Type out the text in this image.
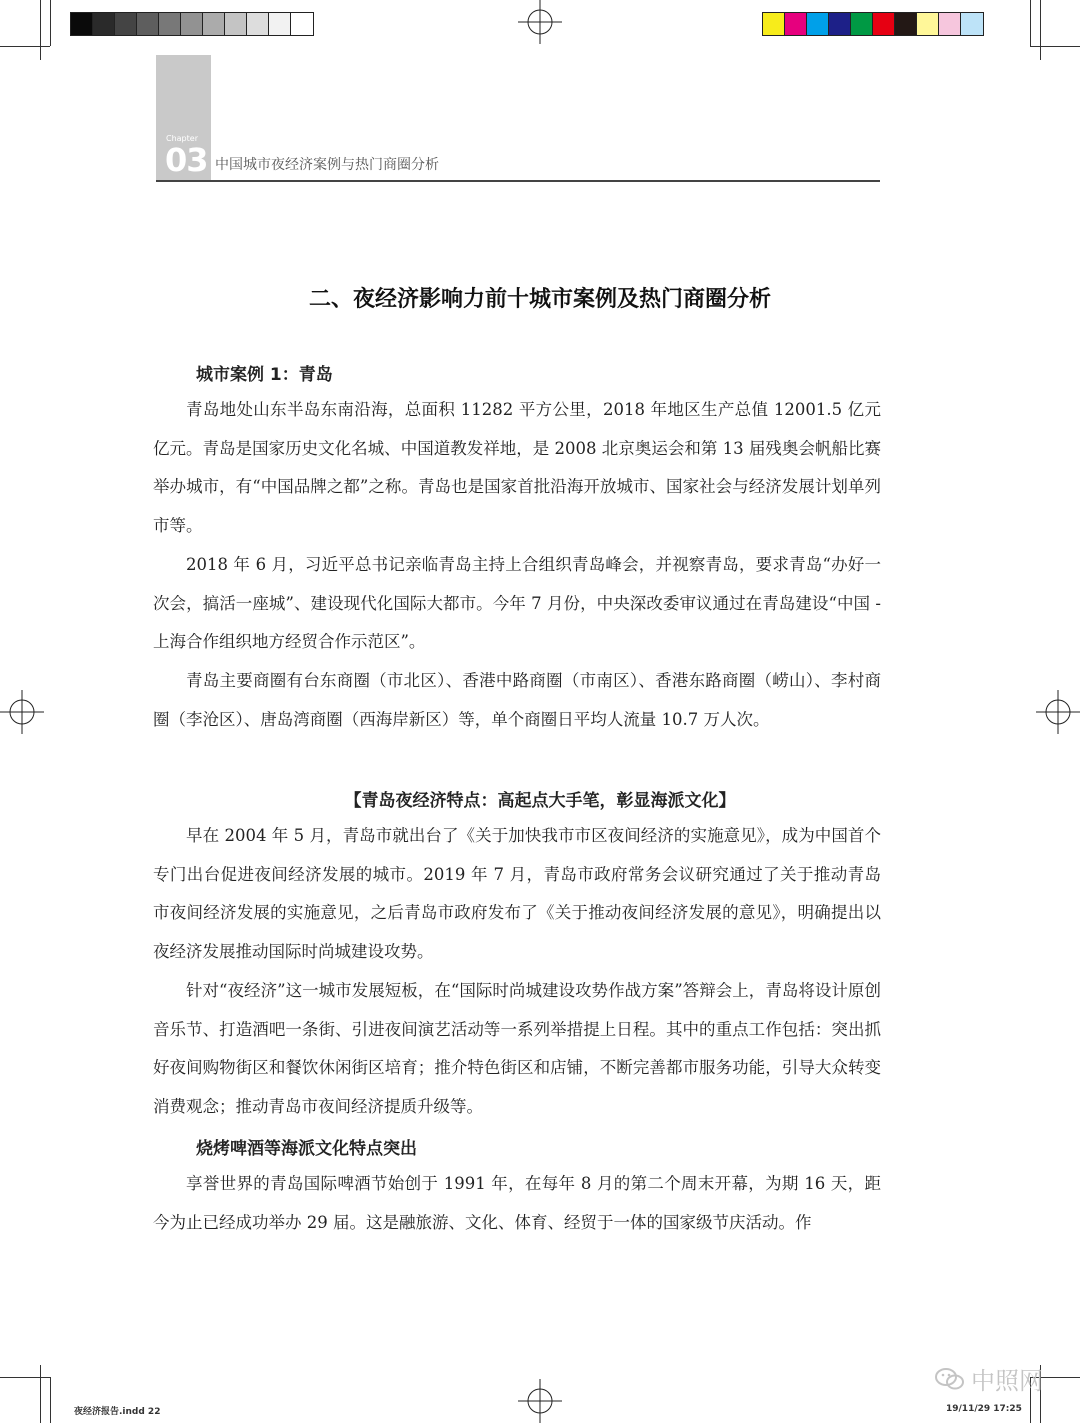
Chapter
03 中国城市夜经济案例与热门商圈分析
二、夜经济影响力前十城市案例及热门商圈分析
城市案例 1：青岛
青岛地处山东半岛东南沿海，总面积 11282 平方公里，2018 年地区生产总值 12001.5 亿元亿元。青岛是国家历史文化名城、中国道教发祥地，是 2008 北京奥运会和第 13 届残奥会帆船比赛举办城市，有“中国品牌之都”之称。青岛也是国家首批沿海开放城市、国家社会与经济发展计划单列市等。
2018 年 6 月，习近平总书记亲临青岛主持上合组织青岛峰会，并视察青岛，要求青岛“办好一次会，搞活一座城”、建设现代化国际大都市。今年 7 月份，中央深改委审议通过在青岛建设“中国 - 上海合作组织地方经贸合作示范区”。
青岛主要商圈有台东商圈（市北区）、香港中路商圈（市南区）、香港东路商圈（崂山）、李村商圈（李沧区）、唐岛湾商圈（西海岸新区）等，单个商圈日平均人流量 10.7 万人次。
【青岛夜经济特点：高起点大手笔，彰显海派文化】
早在 2004 年 5 月，青岛市就出台了《关于加快我市市区夜间经济的实施意见》，成为中国首个专门出台促进夜间经济发展的城市。2019 年 7 月，青岛市政府常务会议研究通过了关于推动青岛市夜间经济发展的实施意见，之后青岛市政府发布了《关于推动夜间经济发展的意见》，明确提出以夜经济发展推动国际时尚城建设攻势。
针对“夜经济”这一城市发展短板，在“国际时尚城建设攻势作战方案”答辩会上，青岛将设计原创音乐节、打造酒吧一条街、引进夜间演艺活动等一系列举措提上日程。其中的重点工作包括：突出抓好夜间购物街区和餐饮休闲街区培育；推介特色街区和店铺，不断完善都市服务功能，引导大众转变消费观念；推动青岛市夜间经济提质升级等。
烧烤啤酒等海派文化特点突出
享誉世界的青岛国际啤酒节始创于 1991 年，在每年 8 月的第二个周末开幕，为期 16 天，距今为止已经成功举办 29 届。这是融旅游、文化、体育、经贸于一体的国家级节庆活动。作
夜经济报告.indd 22	19/11/29 17:25
中照网
